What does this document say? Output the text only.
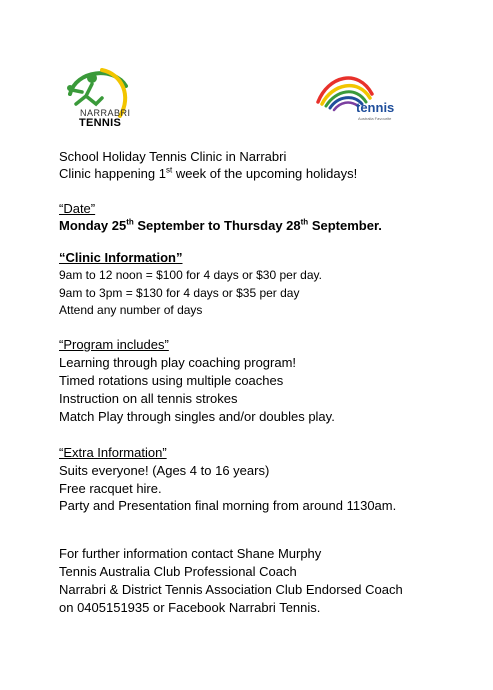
NARRABRI
TENNIS
tennis
Australia Favourite
School Holiday Tennis Clinic in Narrabri
Clinic happening 1st week of the upcoming holidays!
“Date”
Monday 25th September to Thursday 28th September.
“Clinic Information”
9am to 12 noon = $100 for 4 days or $30 per day.
9am to 3pm = $130 for 4 days or $35 per day
Attend any number of days
“Program includes”
Learning through play coaching program!
Timed rotations using multiple coaches
Instruction on all tennis strokes
Match Play through singles and/or doubles play.
“Extra Information”
Suits everyone! (Ages 4 to 16 years)
Free racquet hire.
Party and Presentation final morning from around 1130am.
For further information contact Shane Murphy
Tennis Australia Club Professional Coach
Narrabri & District Tennis Association Club Endorsed Coach
on 0405151935 or Facebook Narrabri Tennis.
